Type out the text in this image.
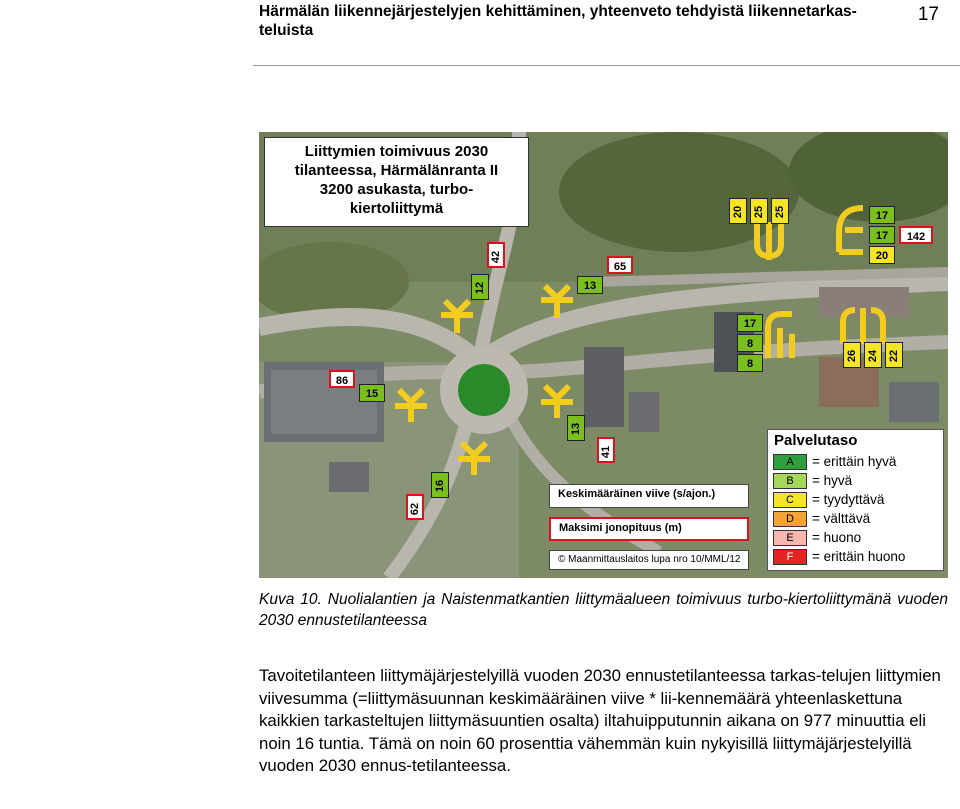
Härmälän liikennejärjestelyjen kehittäminen, yhteenveto tehdyistä liikennetarkas-teluista
17
Liittymien toimivuus 2030
tilanteessa, Härmälänranta II
3200 asukasta, turbo-
kiertoliittymä
12
42
13
65
86
15
13
41
62
16
20 25 25	17
17
20
142
17
8
8
26 24 22
Keskimääräinen viive (s/ajon.)
Maksimi jonopituus (m)
© Maanmittauslaitos lupa nro 10/MML/12
Palvelutaso
A	= erittäin hyvä
B	= hyvä
C	= tyydyttävä
D	= välttävä
E	= huono
F	= erittäin huono
Kuva 10. Nuolialantien ja Naistenmatkantien liittymäalueen toimivuus turbo-kiertoliittymänä vuoden 2030 ennustetilanteessa

Tavoitetilanteen liittymäjärjestelyillä vuoden 2030 ennustetilanteessa tarkas-telujen liittymien viivesumma (=liittymäsuunnan keskimääräinen viive * lii-kennemäärä yhteenlaskettuna kaikkien tarkasteltujen liittymäsuuntien osalta) iltahuipputunnin aikana on 977 minuuttia eli noin 16 tuntia. Tämä on noin 60 prosenttia vähemmän kuin nykyisillä liittymäjärjestelyillä vuoden 2030 ennus-tetilanteessa.
